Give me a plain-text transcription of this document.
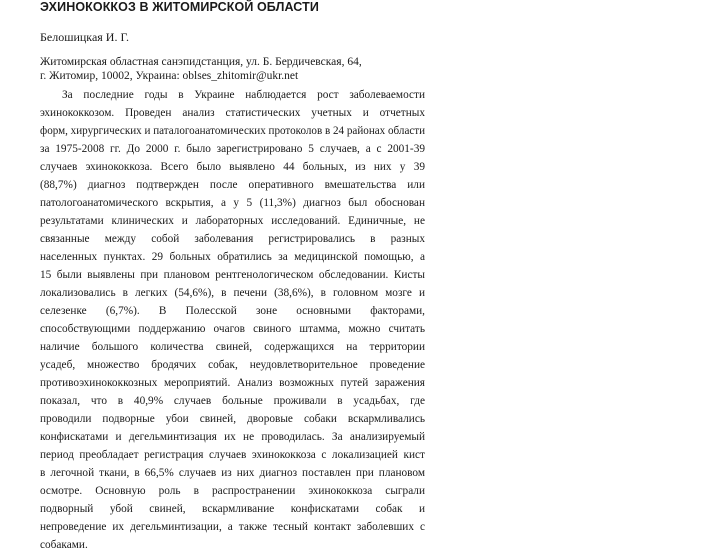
ЭХИНОКОККОЗ В ЖИТОМИРСКОЙ ОБЛАСТИ
Белошицкая И. Г.
Житомирская областная санэпидстанция, ул. Б. Бердичевская, 64,
г. Житомир, 10002, Украина: oblses_zhitomir@ukr.net
За последние годы в Украине наблюдается рост заболеваемости
эхинококкозом. Проведен анализ статистических учетных и отчетных
форм, хирургических и паталогоанатомических протоколов в 24 районах области
за 1975-2008 гг. До 2000 г. было зарегистрировано 5 случаев, а с 2001-39
случаев эхинококкоза. Всего было выявлено 44 больных, из них у 39
(88,7%) диагноз подтвержден после оперативного вмешательства или
патологоанатомического вскрытия, а у 5 (11,3%) диагноз был обоснован
результатами клинических и лабораторных исследований. Единичные, не
связанные между собой заболевания регистрировались в разных
населенных пунктах. 29 больных обратились за медицинской помощью, а
15 были выявлены при плановом рентгенологическом обследовании. Кисты
локализовались в легких (54,6%), в печени (38,6%), в головном мозге и
селезенке (6,7%). В Полесской зоне основными факторами,
способствующими поддержанию очагов свиного штамма, можно считать
наличие большого количества свиней, содержащихся на территории
усадеб, множество бродячих собак, неудовлетворительное проведение
противоэхинококкозных мероприятий. Анализ возможных путей заражения
показал, что в 40,9% случаев больные проживали в усадьбах, где
проводили подворные убои свиней, дворовые собаки вскармливались
конфискатами и дегельминтизация их не проводилась. За анализируемый
период преобладает регистрация случаев эхинококкоза с локализацией кист
в легочной ткани, в 66,5% случаев из них диагноз поставлен при плановом
осмотре. Основную роль в распространении эхинококкоза сыграли
подворный убой свиней, вскармливание конфискатами собак и
непроведение их дегельминтизации, а также тесный контакт заболевших с
собаками.
